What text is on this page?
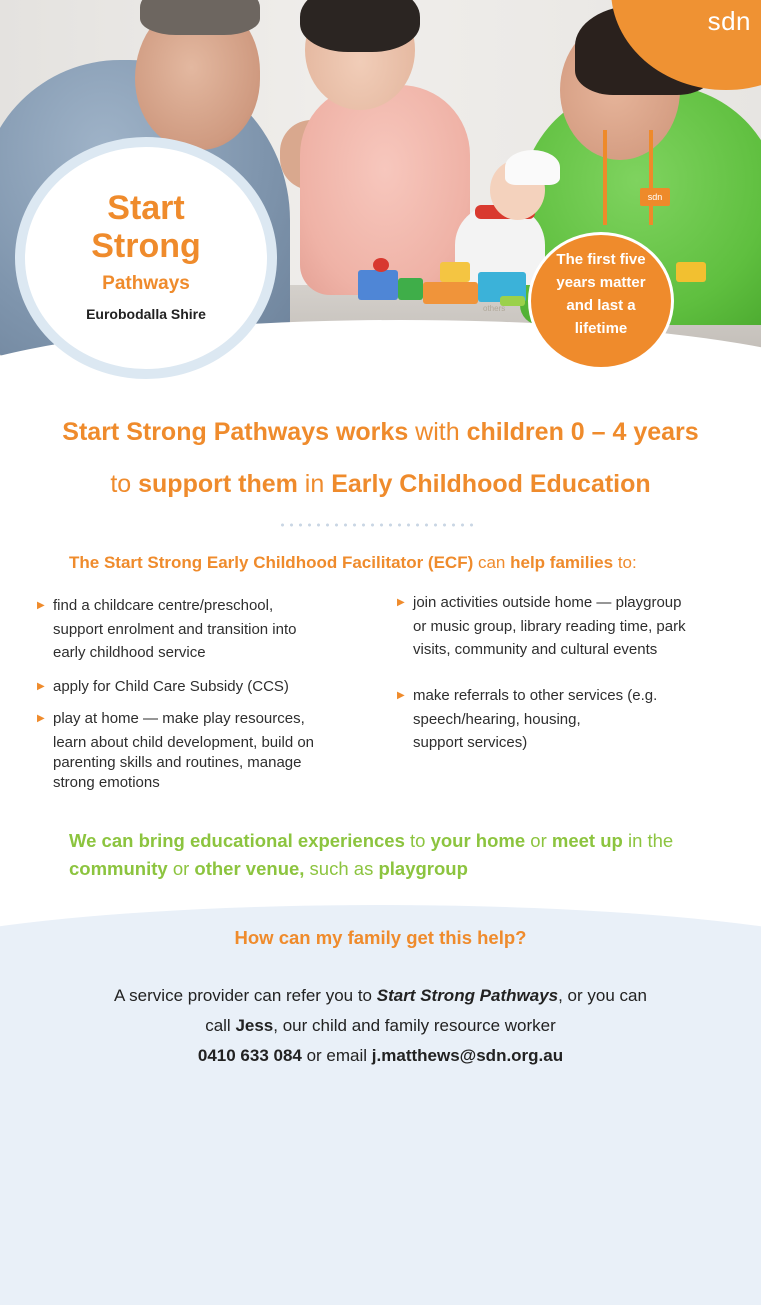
sdn
others
sdn
Start
Strong
Pathways
Eurobodalla Shire
The first five
years matter
and last a
lifetime
Start Strong Pathways works with children 0 – 4 years
to support them in Early Childhood Education
The Start Strong Early Childhood Facilitator (ECF) can help families to:
▶ find a childcare centre/preschool,
support enrolment and transition into
early childhood service
▶ apply for Child Care Subsidy (CCS)
▶ play at home — make play resources,
learn about child development, build on
parenting skills and routines, manage
strong emotions
▶ join activities outside home — playgroup
or music group, library reading time, park
visits, community and cultural events
▶ make referrals to other services (e.g.
speech/hearing, housing,
support services)
We can bring educational experiences to your home or meet up in the
community or other venue, such as playgroup
How can my family get this help?
A service provider can refer you to Start Strong Pathways, or you can
call Jess, our child and family resource worker
0410 633 084 or email j.matthews@sdn.org.au
